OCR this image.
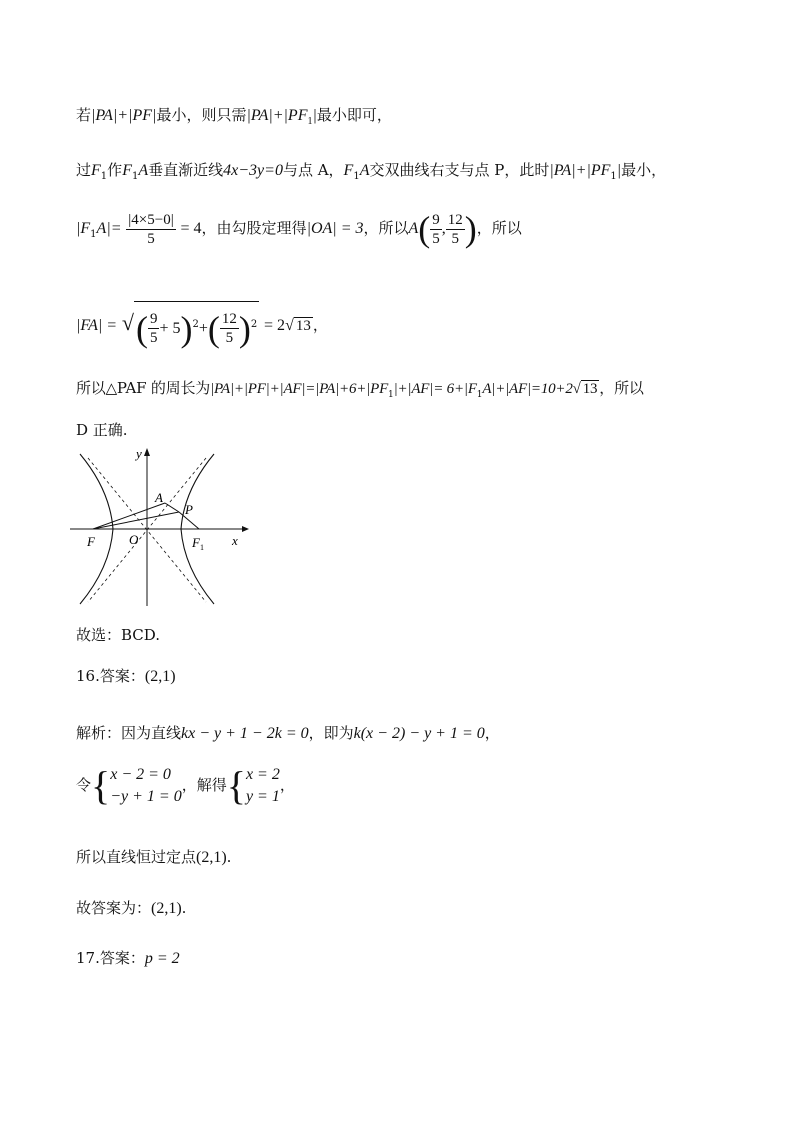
若|PA|+|PF|最小，则只需$|PA|+|PF_1|$最小即可，
过$F_1$作$F_1A$垂直渐近线4x−3y=0与点 A，$F_1A$交双曲线右支与点 P，此时$|PA|+|PF_1|$最小，
$|F_1A|= \frac{|4\times 5-0|}{5} = 4$，由勾股定理得|OA| = 3，所以$A( \frac{9}{5}$ , $\frac{12}{5}$ )，所以
|FA| = √( $\frac{9}{5} + 5)^2+( \frac{12}{5} )^2 = 2√$ 13 ，
所以△PAF 的周长为$|PA|+|PF|+|AF|=|PA|+6+|PF_1|+|AF|= 6+|F_1A|+|AF|=10+2√$ 13 ，所以
D 正确.
y
x
A
P
F	O	F 1
故选：BCD.
16.答案：(2,1)
解析：因为直线kx − y + 1 − 2k = 0，即为k(x − 2) − y + 1 = 0，
令{ x − 2 = 0
−y + 1 = 0
，解得{ x = 2
y = 1
，
所以直线恒过定点(2,1).
故答案为：(2,1).
17.答案：p = 2
